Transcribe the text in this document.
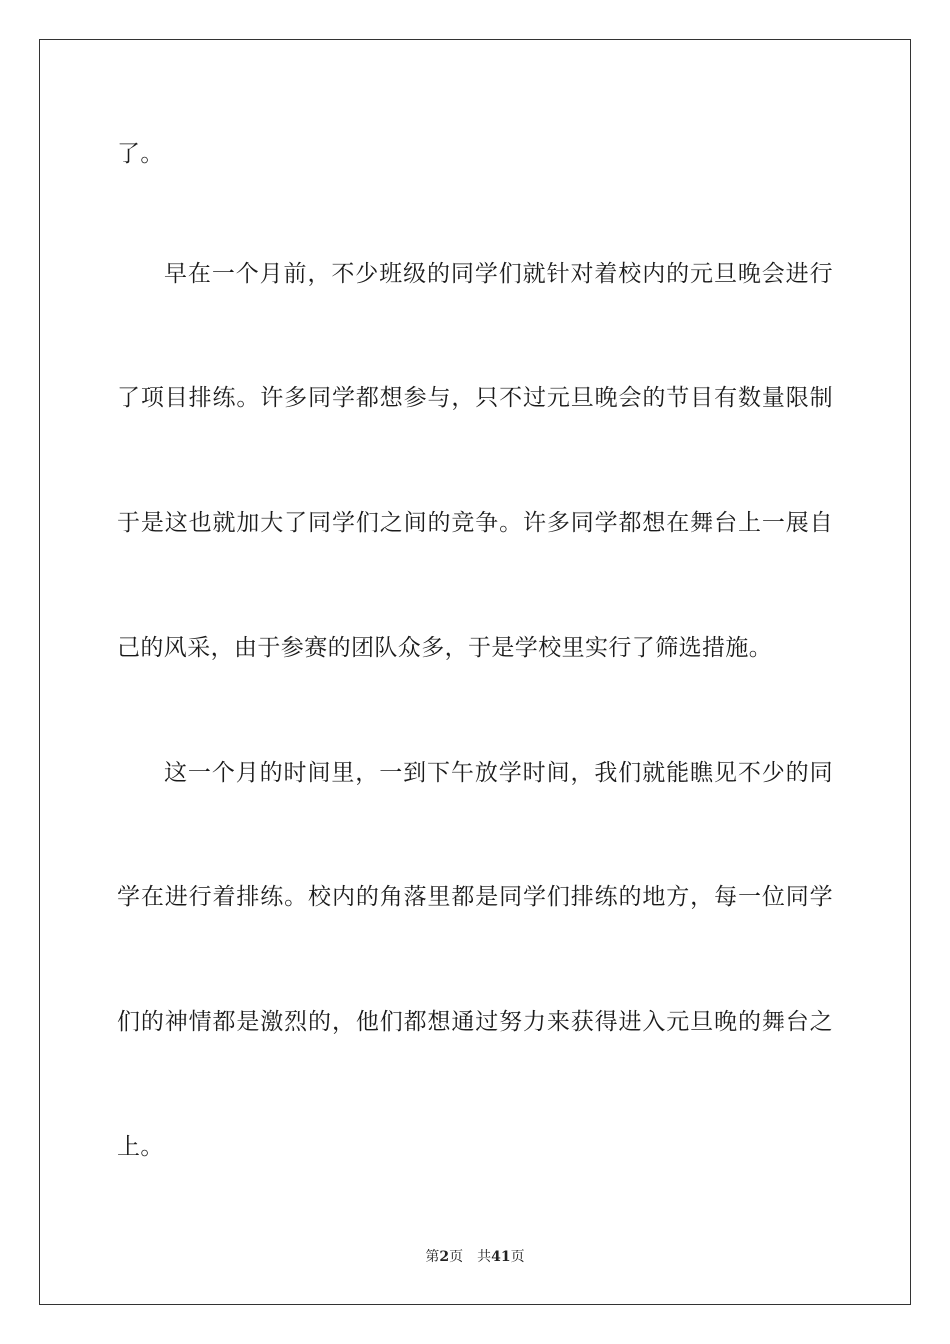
了。
早在一个月前，不少班级的同学们就针对着校内的元旦晚会进行
了项目排练。许多同学都想参与，只不过元旦晚会的节目有数量限制
于是这也就加大了同学们之间的竞争。许多同学都想在舞台上一展自
己的风采，由于参赛的团队众多，于是学校里实行了筛选措施。
这一个月的时间里，一到下午放学时间，我们就能瞧见不少的同
学在进行着排练。校内的角落里都是同学们排练的地方，每一位同学
们的神情都是激烈的，他们都想通过努力来获得进入元旦晚的舞台之
上。
第2页 共41页
